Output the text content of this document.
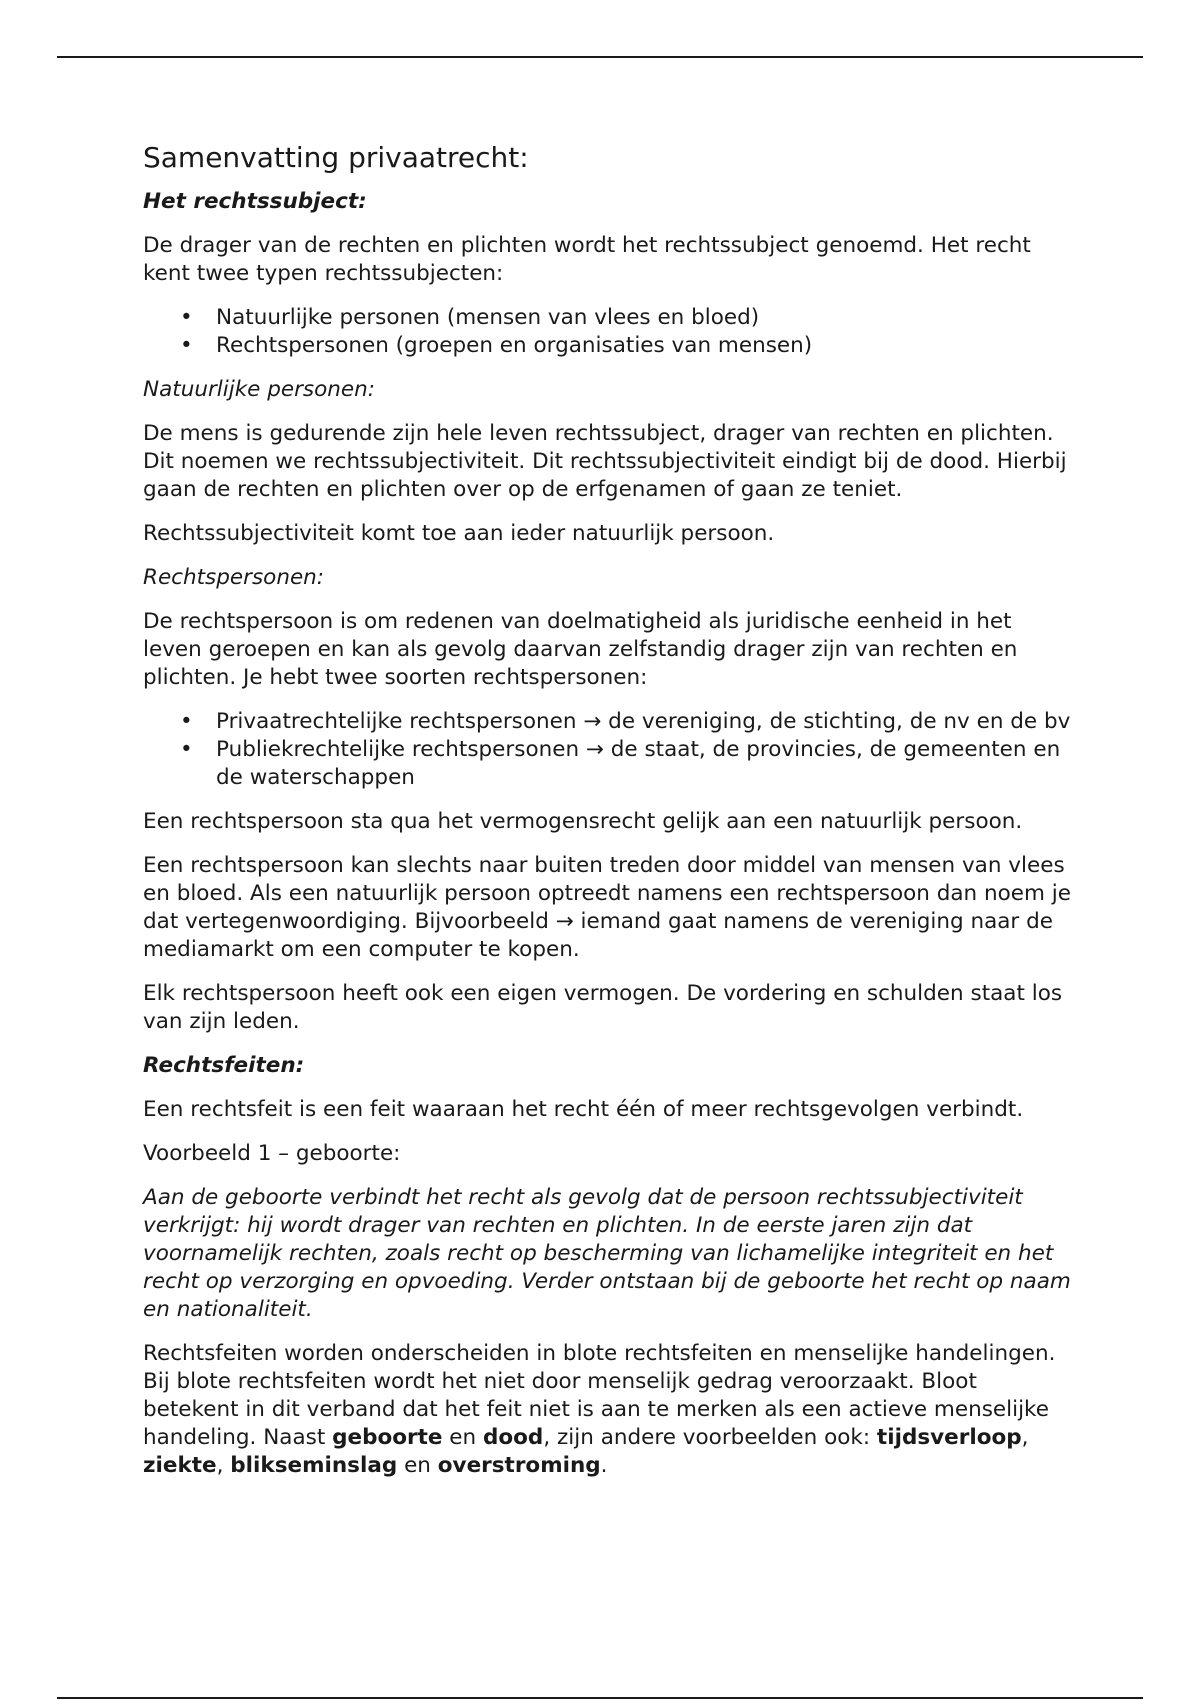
Samenvatting privaatrecht:
Het rechtssubject:

De drager van de rechten en plichten wordt het rechtssubject genoemd. Het recht kent twee typen rechtssubjecten:

• Natuurlijke personen (mensen van vlees en bloed)
• Rechtspersonen (groepen en organisaties van mensen)

Natuurlijke personen:

De mens is gedurende zijn hele leven rechtssubject, drager van rechten en plichten. Dit noemen we rechtssubjectiviteit. Dit rechtssubjectiviteit eindigt bij de dood. Hierbij gaan de rechten en plichten over op de erfgenamen of gaan ze teniet.

Rechtssubjectiviteit komt toe aan ieder natuurlijk persoon.

Rechtspersonen:

De rechtspersoon is om redenen van doelmatigheid als juridische eenheid in het leven geroepen en kan als gevolg daarvan zelfstandig drager zijn van rechten en plichten. Je hebt twee soorten rechtspersonen:

• Privaatrechtelijke rechtspersonen → de vereniging, de stichting, de nv en de bv
• Publiekrechtelijke rechtspersonen → de staat, de provincies, de gemeenten en de waterschappen

Een rechtspersoon sta qua het vermogensrecht gelijk aan een natuurlijk persoon.

Een rechtspersoon kan slechts naar buiten treden door middel van mensen van vlees en bloed. Als een natuurlijk persoon optreedt namens een rechtspersoon dan noem je dat vertegenwoordiging. Bijvoorbeeld → iemand gaat namens de vereniging naar de mediamarkt om een computer te kopen.

Elk rechtspersoon heeft ook een eigen vermogen. De vordering en schulden staat los van zijn leden.

Rechtsfeiten:

Een rechtsfeit is een feit waaraan het recht één of meer rechtsgevolgen verbindt.

Voorbeeld 1 – geboorte:

Aan de geboorte verbindt het recht als gevolg dat de persoon rechtssubjectiviteit verkrijgt: hij wordt drager van rechten en plichten. In de eerste jaren zijn dat voornamelijk rechten, zoals recht op bescherming van lichamelijke integriteit en het recht op verzorging en opvoeding. Verder ontstaan bij de geboorte het recht op naam en nationaliteit.

Rechtsfeiten worden onderscheiden in blote rechtsfeiten en menselijke handelingen. Bij blote rechtsfeiten wordt het niet door menselijk gedrag veroorzaakt. Bloot betekent in dit verband dat het feit niet is aan te merken als een actieve menselijke handeling. Naast geboorte en dood, zijn andere voorbeelden ook: tijdsverloop, ziekte, blikseminslag en overstroming.
